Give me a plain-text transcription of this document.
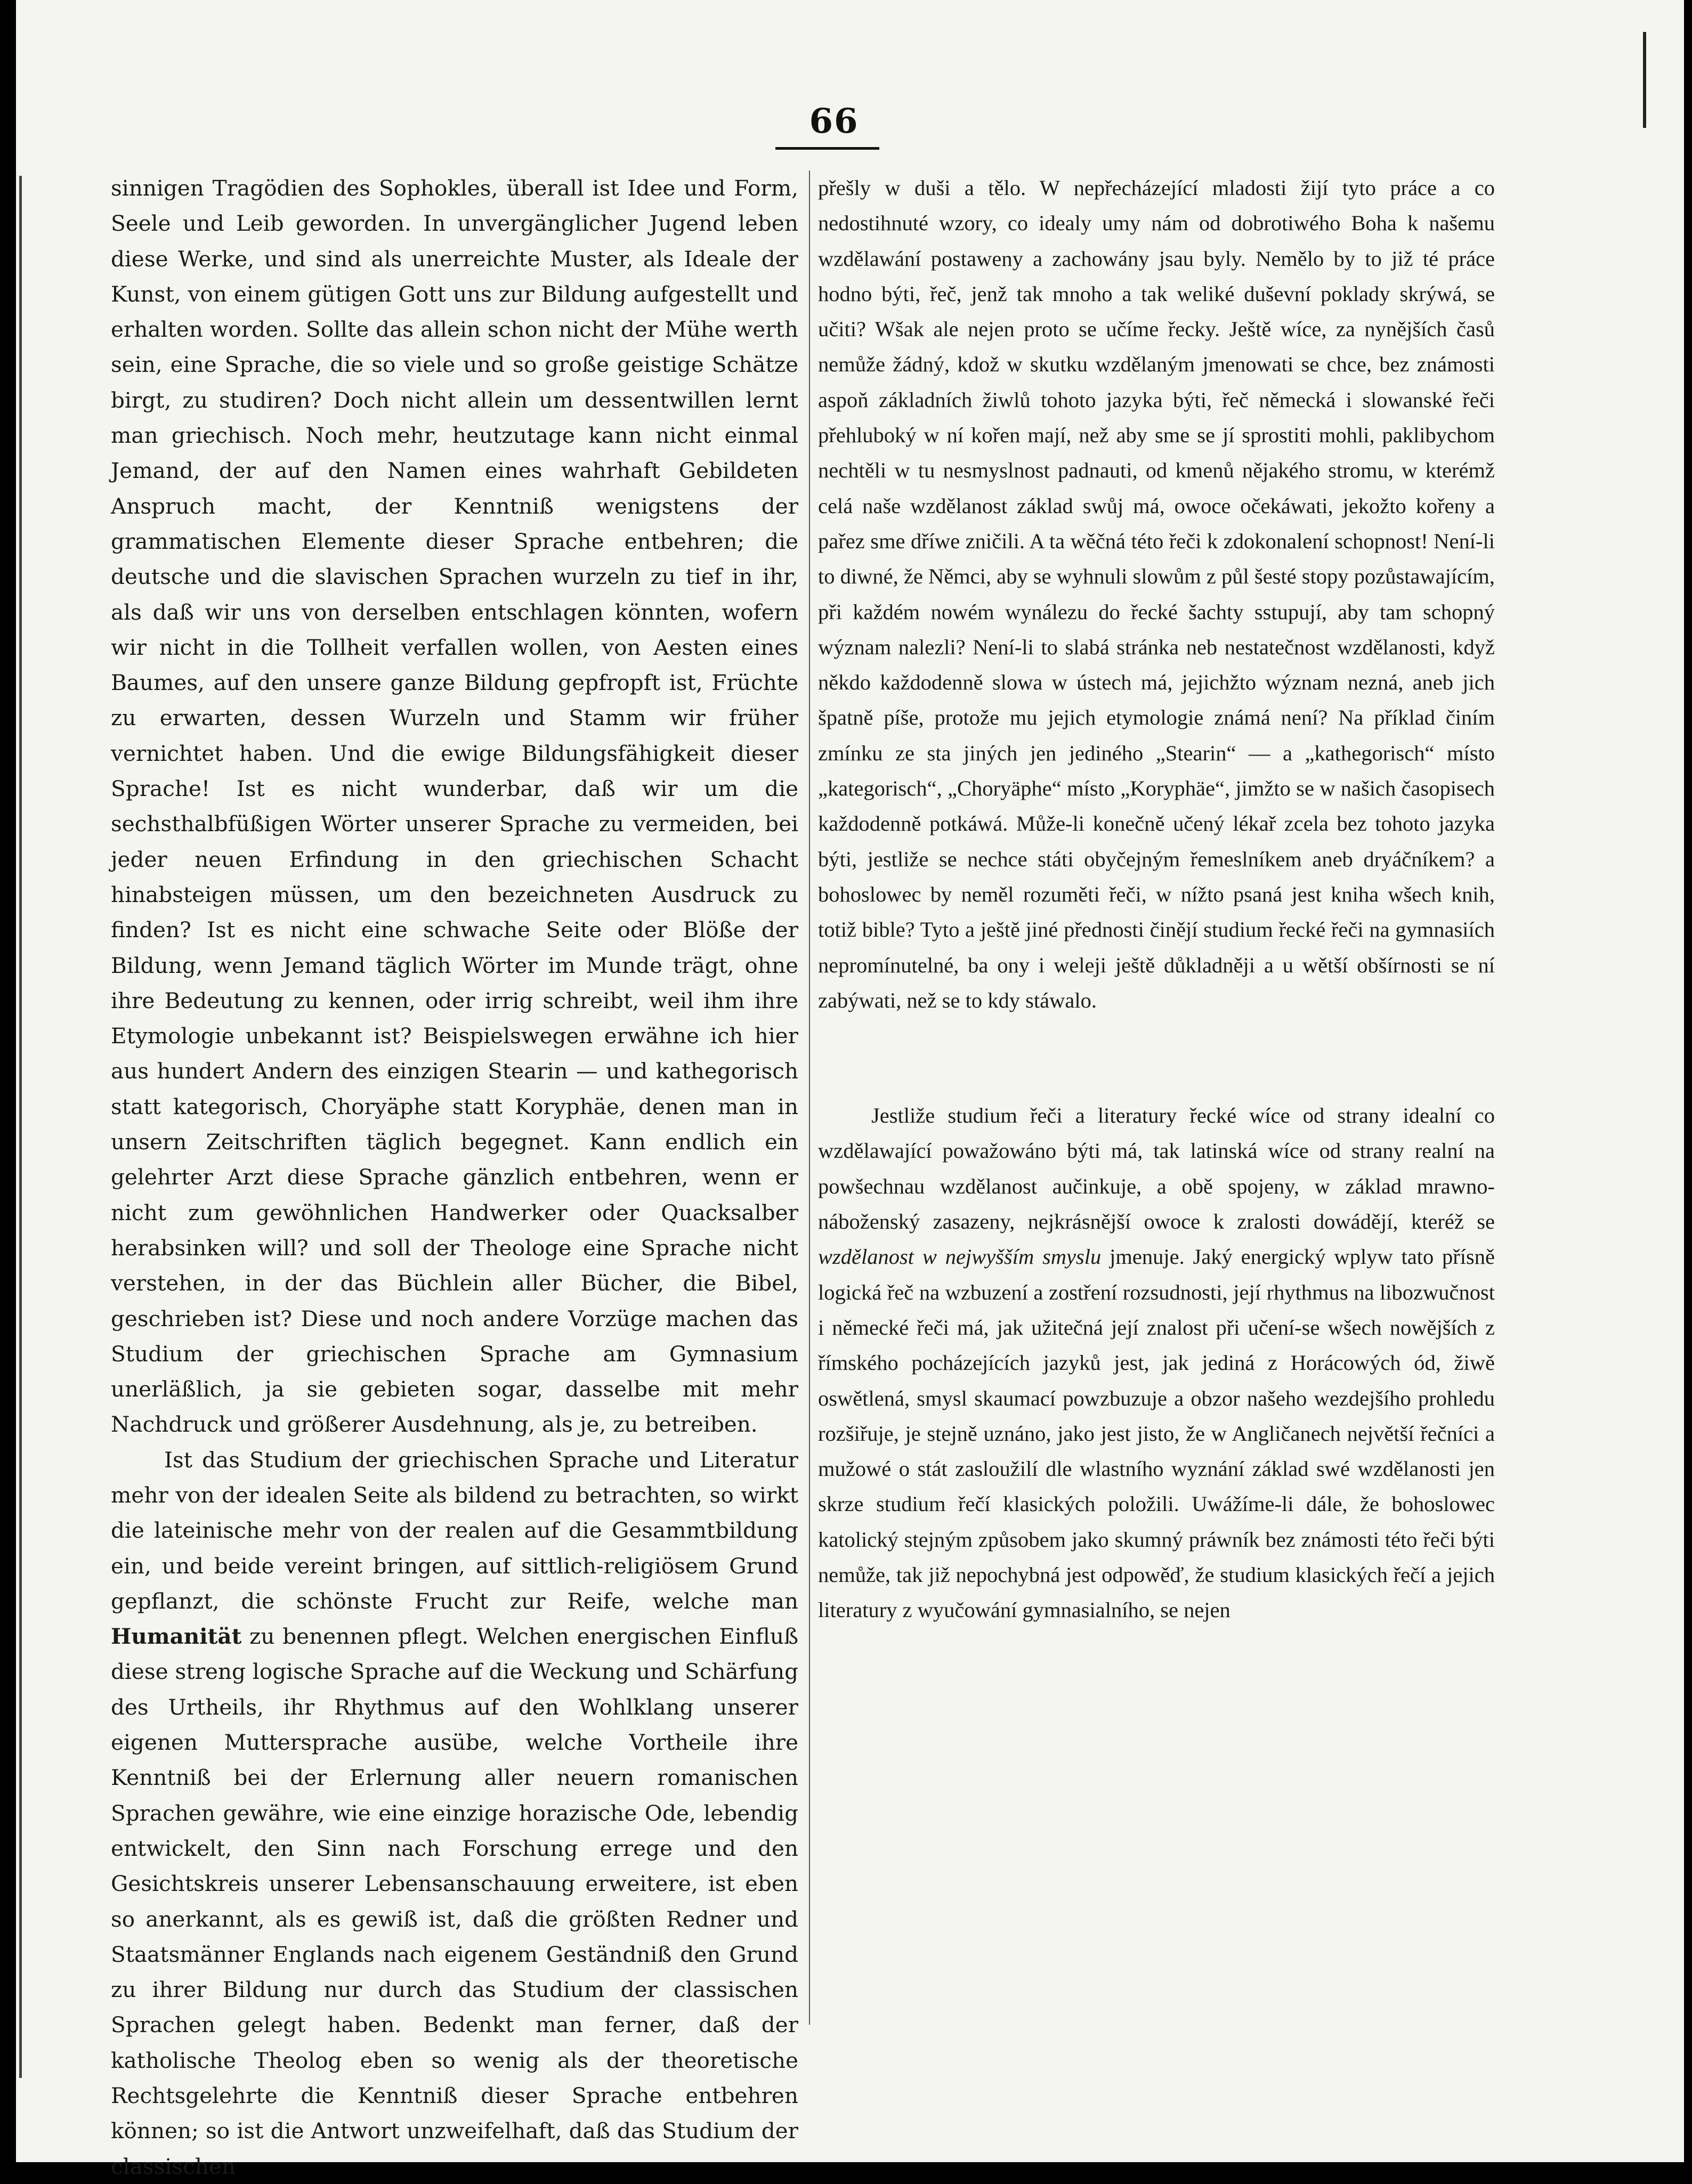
66

sinnigen Tragödien des Sophokles, überall ist Idee und Form, Seele und Leib geworden. In unvergänglicher Jugend leben diese Werke, und sind als unerreichte Muster, als Ideale der Kunst, von einem gütigen Gott uns zur Bildung aufgestellt und erhalten worden. Sollte das allein schon nicht der Mühe werth sein, eine Sprache, die so viele und so große geistige Schätze birgt, zu studiren? Doch nicht allein um dessentwillen lernt man griechisch. Noch mehr, heutzutage kann nicht einmal Jemand, der auf den Namen eines wahrhaft Gebildeten Anspruch macht, der Kenntniß wenigstens der grammatischen Elemente dieser Sprache entbehren; die deutsche und die slavischen Sprachen wurzeln zu tief in ihr, als daß wir uns von derselben entschlagen könnten, wofern wir nicht in die Tollheit verfallen wollen, von Aesten eines Baumes, auf den unsere ganze Bildung gepfropft ist, Früchte zu erwarten, dessen Wurzeln und Stamm wir früher vernichtet haben. Und die ewige Bildungsfähigkeit dieser Sprache! Ist es nicht wunderbar, daß wir um die sechsthalbfüßigen Wörter unserer Sprache zu vermeiden, bei jeder neuen Erfindung in den griechischen Schacht hinabsteigen müssen, um den bezeichneten Ausdruck zu finden? Ist es nicht eine schwache Seite oder Blöße der Bildung, wenn Jemand täglich Wörter im Munde trägt, ohne ihre Bedeutung zu kennen, oder irrig schreibt, weil ihm ihre Etymologie unbekannt ist? Beispielswegen erwähne ich hier aus hundert Andern des einzigen Stearin — und kathegorisch statt kategorisch, Choryäphe statt Koryphäe, denen man in unsern Zeitschriften täglich begegnet. Kann endlich ein gelehrter Arzt diese Sprache gänzlich entbehren, wenn er nicht zum gewöhnlichen Handwerker oder Quacksalber herabsinken will? und soll der Theologe eine Sprache nicht verstehen, in der das Büchlein aller Bücher, die Bibel, geschrieben ist? Diese und noch andere Vorzüge machen das Studium der griechischen Sprache am Gymnasium unerläßlich, ja sie gebieten sogar, dasselbe mit mehr Nachdruck und größerer Ausdehnung, als je, zu betreiben.

Ist das Studium der griechischen Sprache und Literatur mehr von der idealen Seite als bildend zu betrachten, so wirkt die lateinische mehr von der realen auf die Gesammtbildung ein, und beide vereint bringen, auf sittlich-religiösem Grund gepflanzt, die schönste Frucht zur Reife, welche man Humanität zu benennen pflegt. Welchen energischen Einfluß diese streng logische Sprache auf die Weckung und Schärfung des Urtheils, ihr Rhythmus auf den Wohlklang unserer eigenen Muttersprache ausübe, welche Vortheile ihre Kenntniß bei der Erlernung aller neuern romanischen Sprachen gewähre, wie eine einzige horazische Ode, lebendig entwickelt, den Sinn nach Forschung errege und den Gesichtskreis unserer Lebensanschauung erweitere, ist eben so anerkannt, als es gewiß ist, daß die größten Redner und Staatsmänner Englands nach eigenem Geständniß den Grund zu ihrer Bildung nur durch das Studium der classischen Sprachen gelegt haben. Bedenkt man ferner, daß der katholische Theolog eben so wenig als der theoretische Rechtsgelehrte die Kenntniß dieser Sprache entbehren können; so ist die Antwort unzweifelhaft, daß das Studium der classischen

přešly w duši a tělo. W nepřecházející mladosti žijí tyto práce a co nedostihnuté wzory, co idealy umy nám od dobrotiwého Boha k našemu wzdělawání postaweny a zachowány jsau byly. Nemělo by to již té práce hodno býti, řeč, jenž tak mnoho a tak weliké duševní poklady skrýwá, se učiti? Wšak ale nejen proto se učíme řecky. Ještě wíce, za nynějších časů nemůže žádný, kdož w skutku wzdělaným jmenowati se chce, bez známosti aspoň základních žiwlů tohoto jazyka býti, řeč německá i slowanské řeči přehluboký w ní kořen mají, než aby sme se jí sprostiti mohli, paklibychom nechtěli w tu nesmyslnost padnauti, od kmenů nějakého stromu, w kterémž celá naše wzdělanost základ swůj má, owoce očekáwati, jekožto kořeny a pařez sme dříwe zničili. A ta wěčná této řeči k zdokonalení schopnost! Není-li to diwné, že Němci, aby se wyhnuli slowům z půl šesté stopy pozůstawajícím, při každém nowém wynálezu do řecké šachty sstupují, aby tam schopný wýznam nalezli? Není-li to slabá stránka neb nestatečnost wzdělanosti, když někdo každodenně slowa w ústech má, jejichžto wýznam nezná, aneb jich špatně píše, protože mu jejich etymologie známá není? Na příklad činím zmínku ze sta jiných jen jediného „Stearin“ — a „kathegorisch“ místo „kategorisch“, „Choryäphe“ místo „Koryphäe“, jimžto se w našich časopisech každodenně potkáwá. Může-li konečně učený lékař zcela bez tohoto jazyka býti, jestliže se nechce státi obyčejným řemeslníkem aneb dryáčníkem? a bohoslowec by neměl rozuměti řeči, w nížto psaná jest kniha wšech knih, totiž bible? Tyto a ještě jiné přednosti činějí studium řecké řeči na gymnasiích nepromínutelné, ba ony i weleji ještě důkladněji a u wětší obšírnosti se ní zabýwati, než se to kdy stáwalo.

Jestliže studium řeči a literatury řecké wíce od strany idealní co wzdělawající powažowáno býti má, tak latinská wíce od strany realní na powšechnau wzdělanost aučinkuje, a obě spojeny, w základ mrawno-náboženský zasazeny, nejkrásnější owoce k zralosti dowádějí, kteréž se wzdělanost w nejwyšším smyslu jmenuje. Jaký energický wplyw tato přísně logická řeč na wzbuzení a zostření rozsudnosti, její rhythmus na libozwučnost i německé řeči má, jak užitečná její znalost při učení-se wšech nowějších z římského pocházejících jazyků jest, jak jediná z Horácowých ód, žiwě oswětlená, smysl skaumací powzbuzuje a obzor našeho wezdejšího prohledu rozšiřuje, je stejně uznáno, jako jest jisto, že w Angličanech největší řečníci a mužowé o stát zasloužilí dle wlastního wyznání základ swé wzdělanosti jen skrze studium řečí klasických položili. Uwážíme-li dále, že bohoslowec katolický stejným způsobem jako skumný práwník bez známosti této řeči býti nemůže, tak již nepochybná jest odpowěď, že studium klasických řečí a jejich literatury z wyučowání gymnasialního, se nejen
